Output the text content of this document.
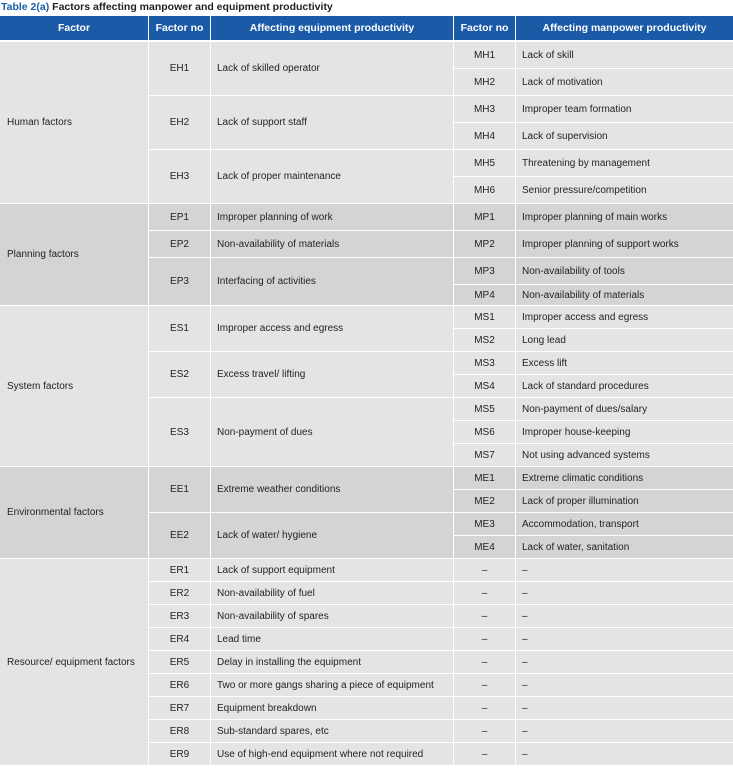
Table 2(a) Factors affecting manpower and equipment productivity
Factor	Factor no	Affecting equipment productivity	Factor no	Affecting manpower productivity
Human factors	EH1	Lack of skilled operator	MH1	Lack of skill
			MH2	Lack of motivation
	EH2	Lack of support staff	MH3	Improper team formation
			MH4	Lack of supervision
	EH3	Lack of proper maintenance	MH5	Threatening by management
			MH6	Senior pressure/competition
Planning factors	EP1	Improper planning of work	MP1	Improper planning of main works
	EP2	Non-availability of materials	MP2	Improper planning of support works
	EP3	Interfacing of activities	MP3	Non-availability of tools
			MP4	Non-availability of materials
System factors	ES1	Improper access and egress	MS1	Improper access and egress
			MS2	Long lead
	ES2	Excess travel/ lifting	MS3	Excess lift
			MS4	Lack of standard procedures
	ES3	Non-payment of dues	MS5	Non-payment of dues/salary
			MS6	Improper house-keeping
			MS7	Not using advanced systems
Environmental factors	EE1	Extreme weather conditions	ME1	Extreme climatic conditions
			ME2	Lack of proper illumination
	EE2	Lack of water/ hygiene	ME3	Accommodation, transport
			ME4	Lack of water, sanitation
Resource/ equipment factors	ER1	Lack of support equipment	–	–
	ER2	Non-availability of fuel	–	–
	ER3	Non-availability of spares	–	–
	ER4	Lead time	–	–
	ER5	Delay in installing the equipment	–	–
	ER6	Two or more gangs sharing a piece of equipment	–	–
	ER7	Equipment breakdown	–	–
	ER8	Sub-standard spares, etc	–	–
	ER9	Use of high-end equipment where not required	–	–
